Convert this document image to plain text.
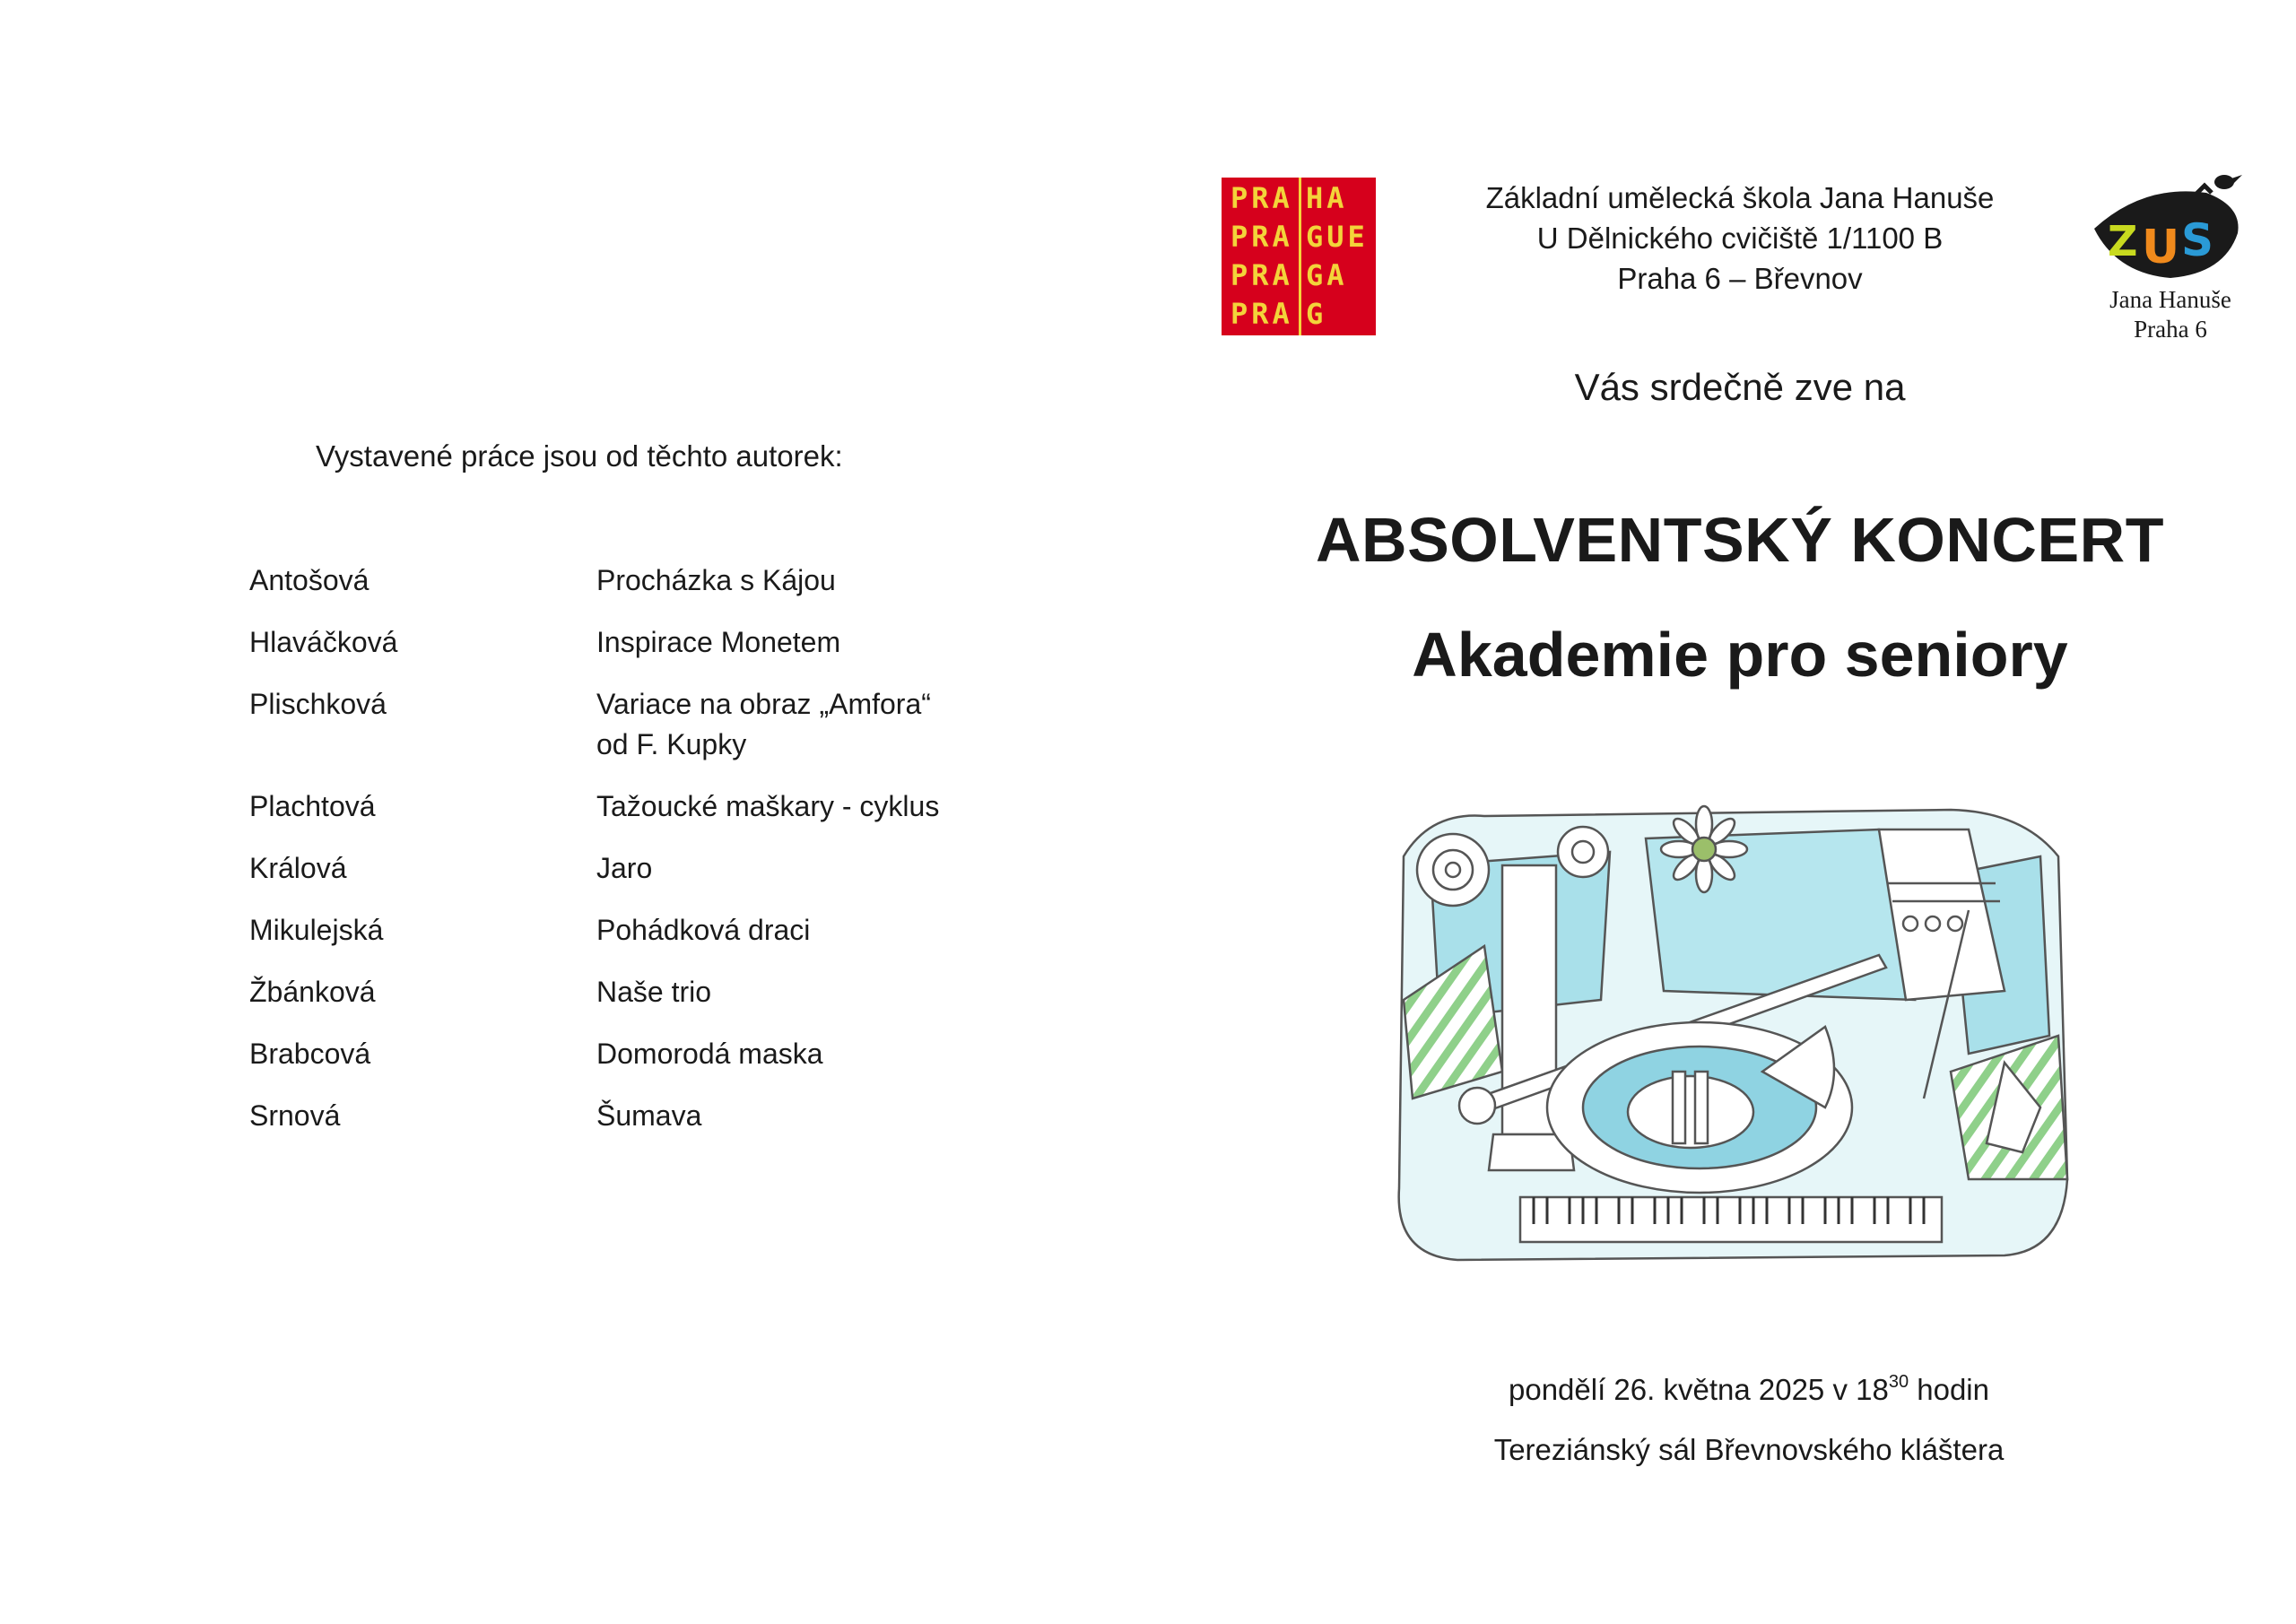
Vystavené práce jsou od těchto autorek:
Antošová	Procházka s Kájou
Hlaváčková	Inspirace Monetem
Plischková	Variace na obraz „Amfora“ od F. Kupky
Plachtová	Tažoucké maškary - cyklus
Králová	Jaro
Mikulejská	Pohádková draci
Žbánková	Naše trio
Brabcová	Domorodá maska
Srnová	Šumava
PRA
PRA
PRA
PRA
HA
GUE
GA
G
Základní umělecká škola Jana Hanuše
U Dělnického cvičiště 1/1100 B
Praha 6 – Břevnov
Z U S
Jana Hanuše
Praha 6
Vás srdečně zve na
ABSOLVENTSKÝ KONCERT
Akademie pro seniory
pondělí 26. května 2025 v $18^{30}$ hodin
Tereziánský sál Břevnovského kláštera
